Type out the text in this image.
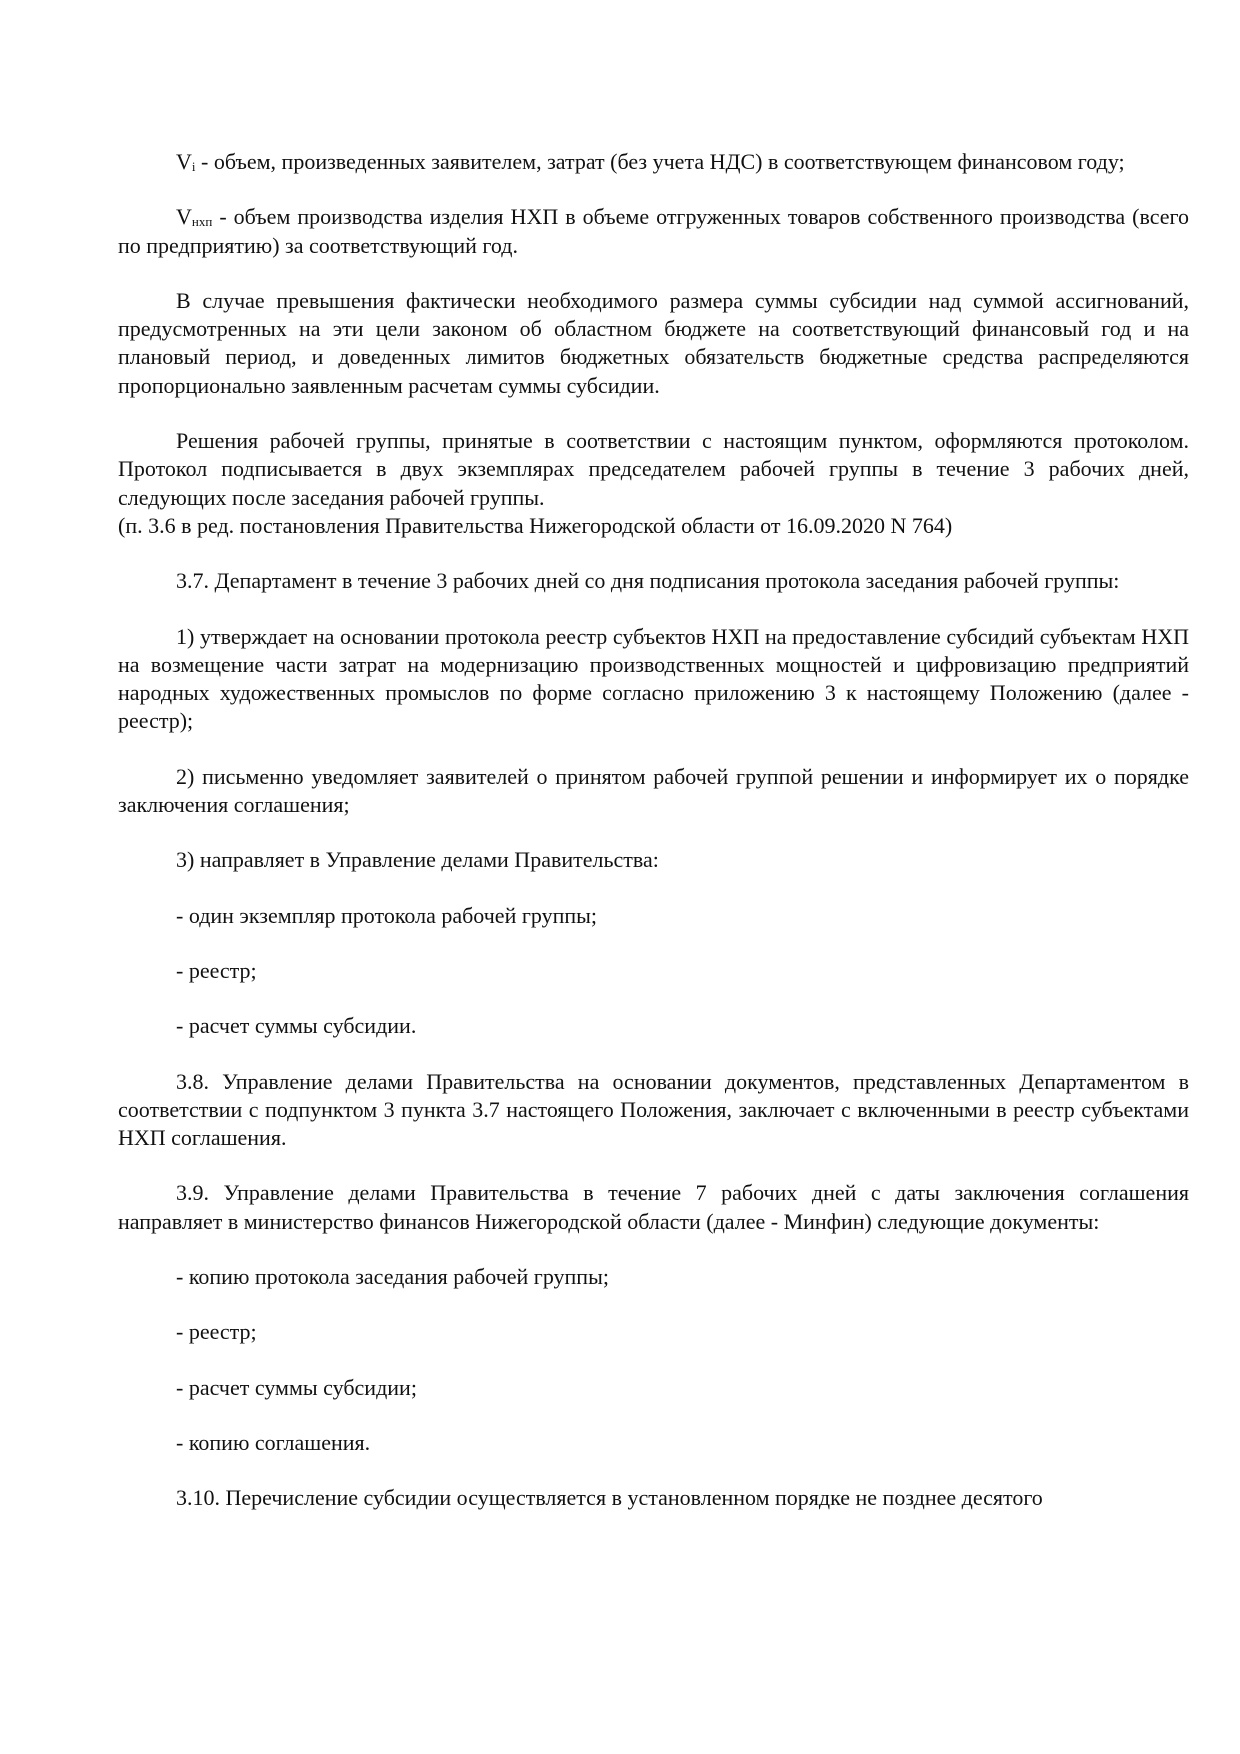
$V_i$ - объем, произведенных заявителем, затрат (без учета НДС) в соответствующем финансовом году;

$V_{нхп}$ - объем производства изделия НХП в объеме отгруженных товаров собственного производства (всего по предприятию) за соответствующий год.

В случае превышения фактически необходимого размера суммы субсидии над суммой ассигнований, предусмотренных на эти цели законом об областном бюджете на соответствующий финансовый год и на плановый период, и доведенных лимитов бюджетных обязательств бюджетные средства распределяются пропорционально заявленным расчетам суммы субсидии.

Решения рабочей группы, принятые в соответствии с настоящим пунктом, оформляются протоколом. Протокол подписывается в двух экземплярах председателем рабочей группы в течение 3 рабочих дней, следующих после заседания рабочей группы.

(п. 3.6 в ред. постановления Правительства Нижегородской области от 16.09.2020 N 764)

3.7. Департамент в течение 3 рабочих дней со дня подписания протокола заседания рабочей группы:

1) утверждает на основании протокола реестр субъектов НХП на предоставление субсидий субъектам НХП на возмещение части затрат на модернизацию производственных мощностей и цифровизацию предприятий народных художественных промыслов по форме согласно приложению 3 к настоящему Положению (далее - реестр);

2) письменно уведомляет заявителей о принятом рабочей группой решении и информирует их о порядке заключения соглашения;

3) направляет в Управление делами Правительства:

- один экземпляр протокола рабочей группы;

- реестр;

- расчет суммы субсидии.

3.8. Управление делами Правительства на основании документов, представленных Департаментом в соответствии с подпунктом 3 пункта 3.7 настоящего Положения, заключает с включенными в реестр субъектами НХП соглашения.

3.9. Управление делами Правительства в течение 7 рабочих дней с даты заключения соглашения направляет в министерство финансов Нижегородской области (далее - Минфин) следующие документы:

- копию протокола заседания рабочей группы;

- реестр;

- расчет суммы субсидии;

- копию соглашения.

3.10. Перечисление субсидии осуществляется в установленном порядке не позднее десятого
